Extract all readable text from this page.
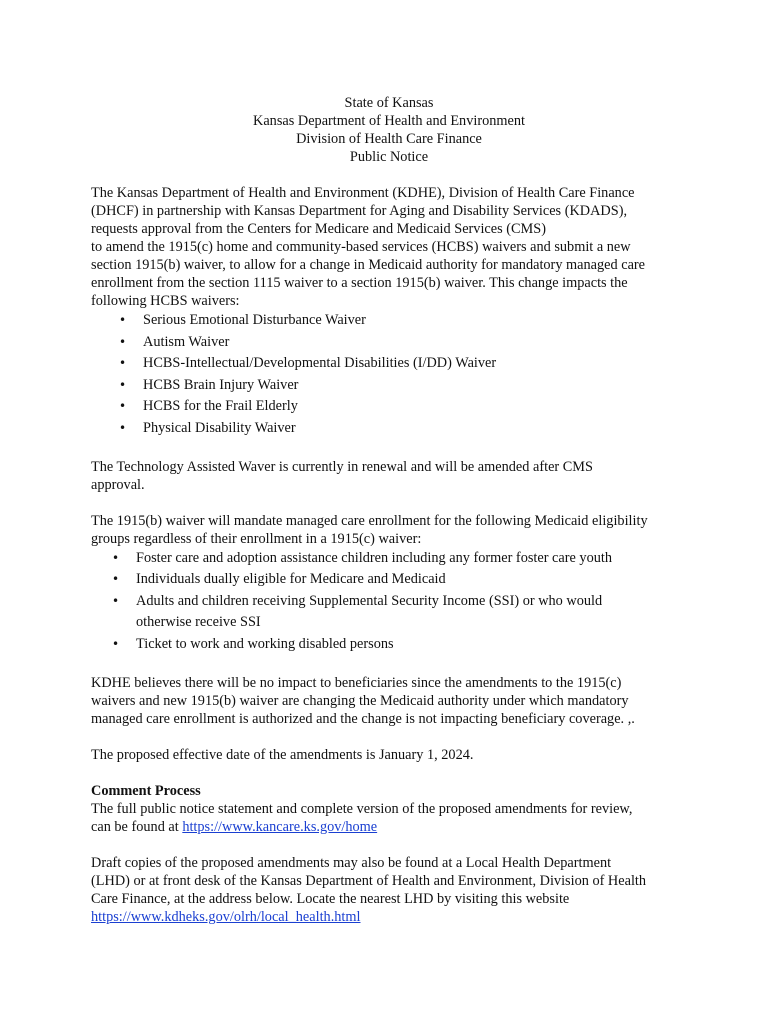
State of Kansas
Kansas Department of Health and Environment
Division of Health Care Finance
Public Notice

The Kansas Department of Health and Environment (KDHE), Division of Health Care Finance
(DHCF) in partnership with Kansas Department for Aging and Disability Services (KDADS),
requests approval from the Centers for Medicare and Medicaid Services (CMS)
to amend the 1915(c) home and community-based services (HCBS) waivers and submit a new
section 1915(b) waiver, to allow for a change in Medicaid authority for mandatory managed care
enrollment from the section 1115 waiver to a section 1915(b) waiver. This change impacts the
following HCBS waivers:

• Serious Emotional Disturbance Waiver
• Autism Waiver
• HCBS-Intellectual/Developmental Disabilities (I/DD) Waiver
• HCBS Brain Injury Waiver
• HCBS for the Frail Elderly
• Physical Disability Waiver

The Technology Assisted Waver is currently in renewal and will be amended after CMS
approval.

The 1915(b) waiver will mandate managed care enrollment for the following Medicaid eligibility
groups regardless of their enrollment in a 1915(c) waiver:

• Foster care and adoption assistance children including any former foster care youth
• Individuals dually eligible for Medicare and Medicaid
• Adults and children receiving Supplemental Security Income (SSI) or who would
otherwise receive SSI
• Ticket to work and working disabled persons

KDHE believes there will be no impact to beneficiaries since the amendments to the 1915(c)
waivers and new 1915(b) waiver are changing the Medicaid authority under which mandatory
managed care enrollment is authorized and the change is not impacting beneficiary coverage. ,.

The proposed effective date of the amendments is January 1, 2024.

Comment Process
The full public notice statement and complete version of the proposed amendments for review,
can be found at https://www.kancare.ks.gov/home

Draft copies of the proposed amendments may also be found at a Local Health Department
(LHD) or at front desk of the Kansas Department of Health and Environment, Division of Health
Care Finance, at the address below. Locate the nearest LHD by visiting this website
https://www.kdheks.gov/olrh/local_health.html
